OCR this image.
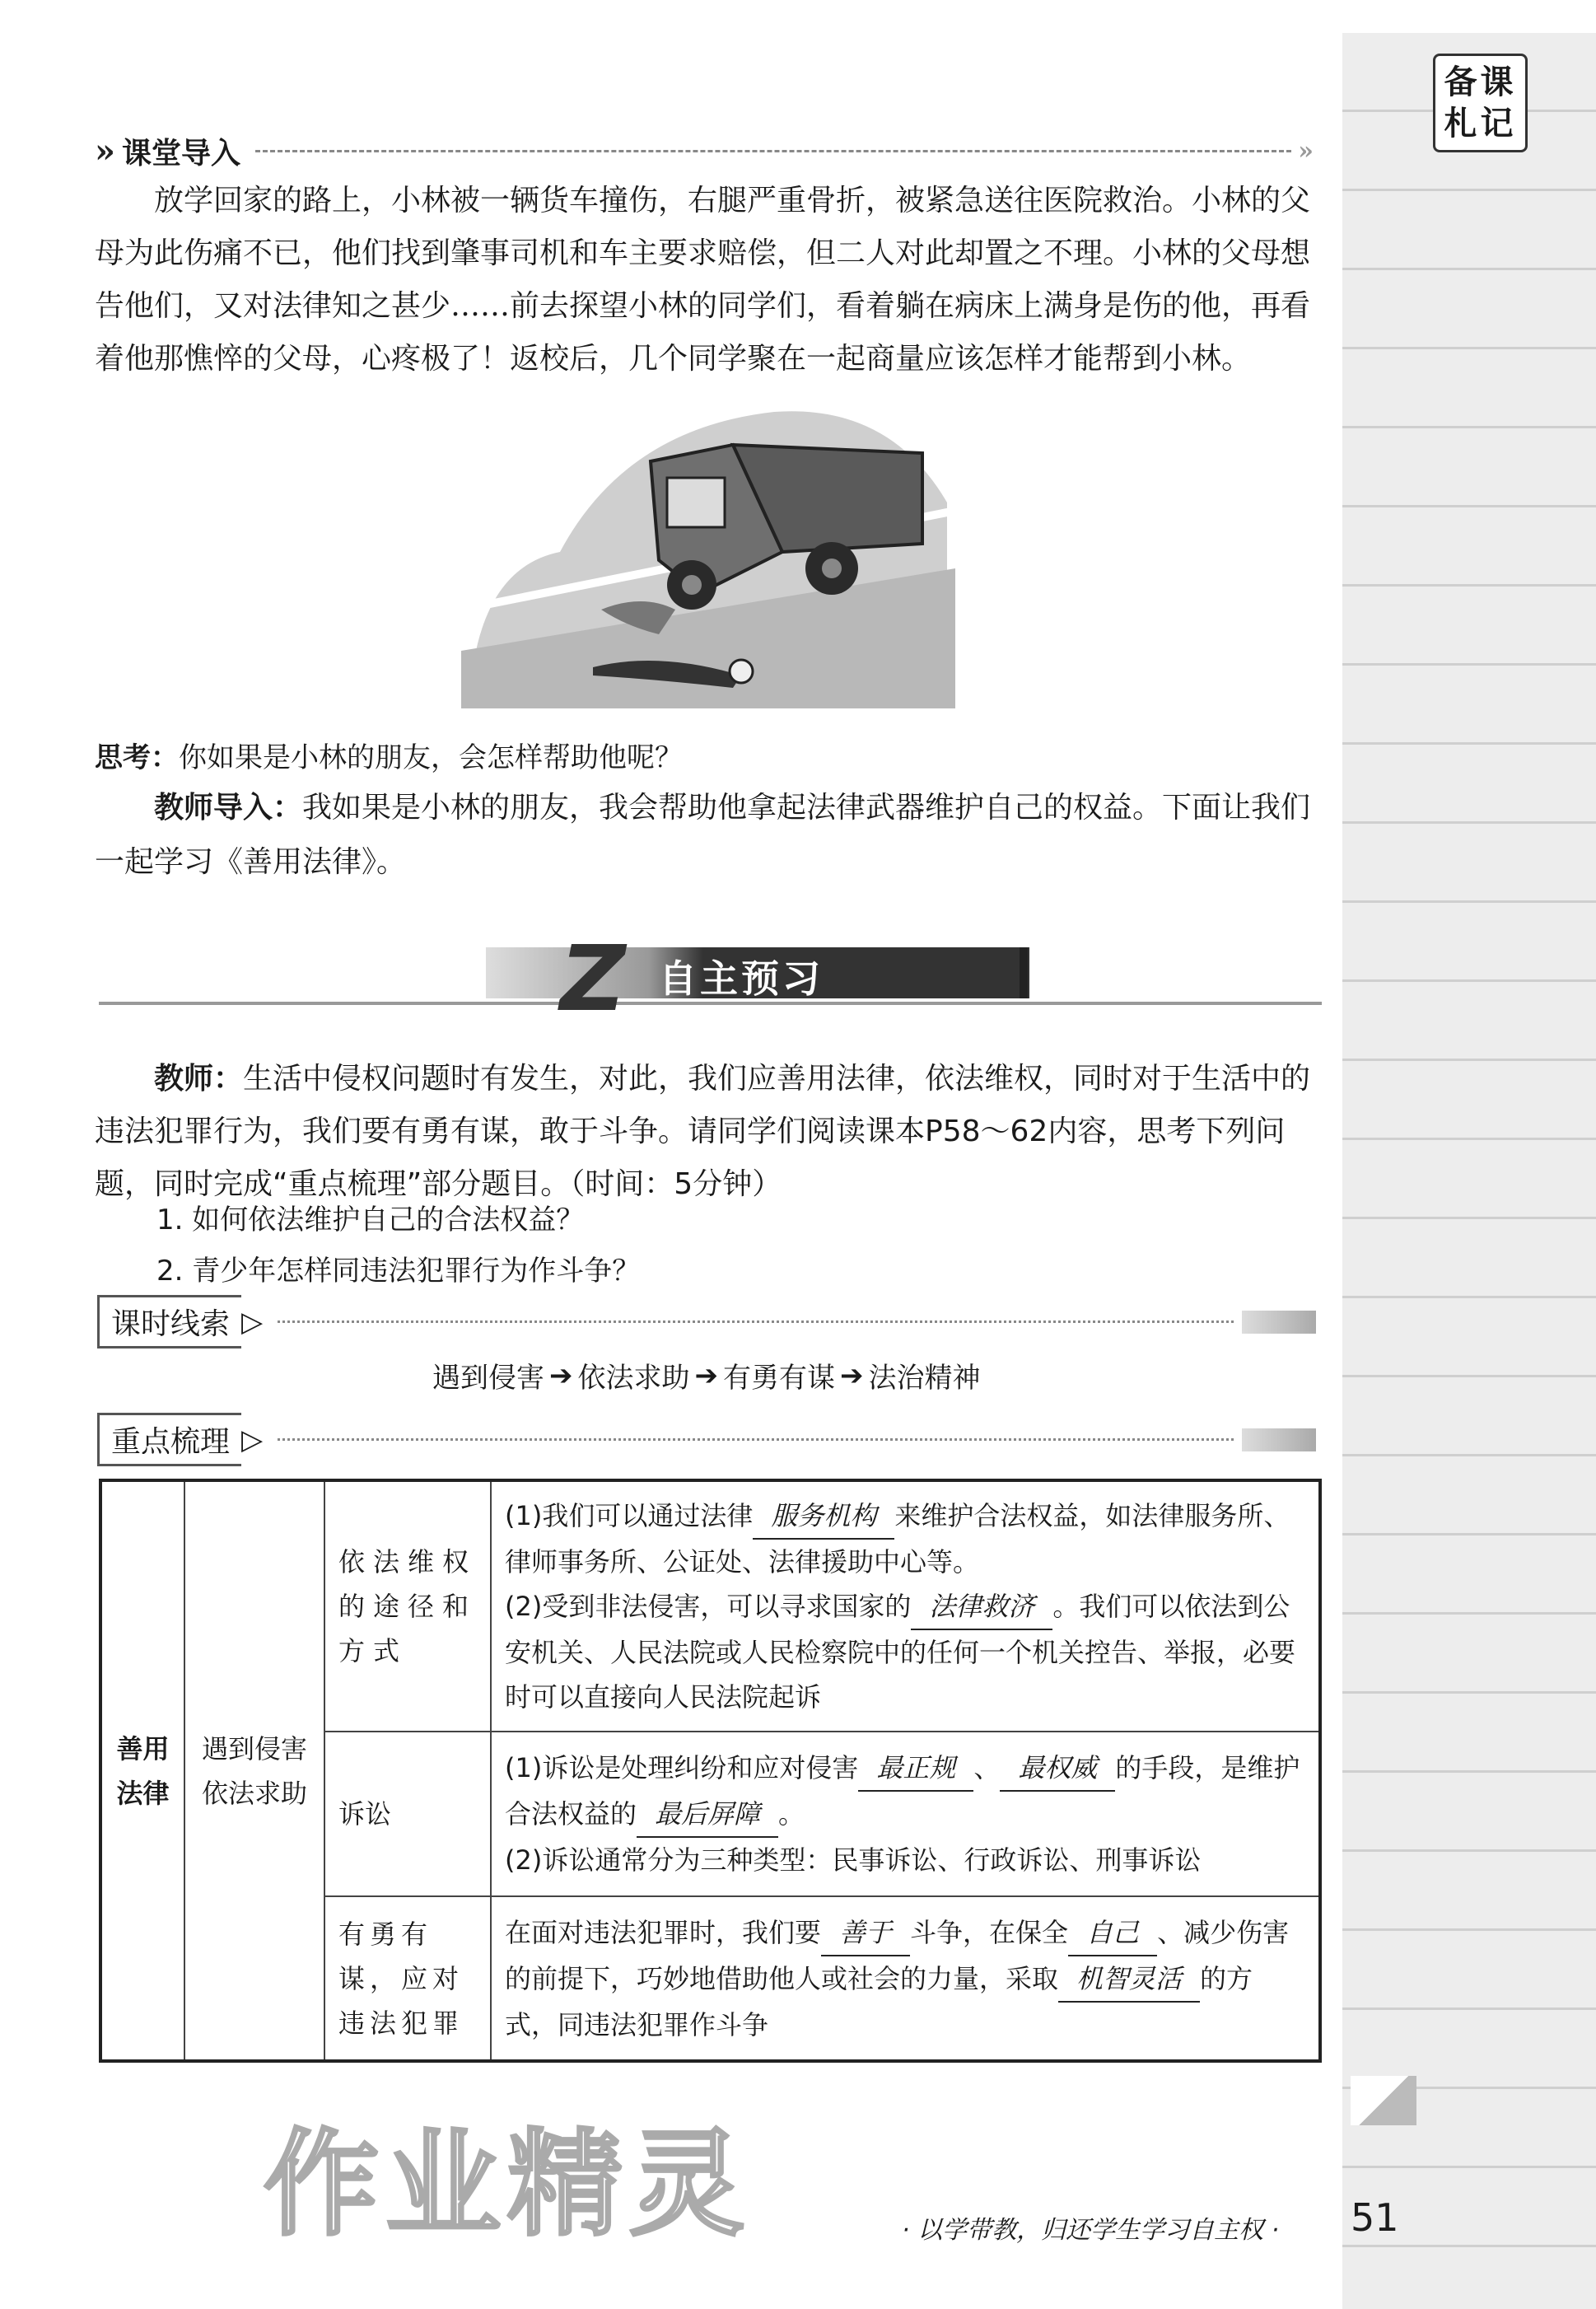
备课札记
» 课堂导入	»
放学回家的路上，小林被一辆货车撞伤，右腿严重骨折，被紧急送往医院救治。小林的父母为此伤痛不已，他们找到肇事司机和车主要求赔偿，但二人对此却置之不理。小林的父母想告他们，又对法律知之甚少……前去探望小林的同学们，看着躺在病床上满身是伤的他，再看着他那憔悴的父母，心疼极了！返校后，几个同学聚在一起商量应该怎样才能帮到小林。
思考：你如果是小林的朋友，会怎样帮助他呢？
教师导入：我如果是小林的朋友，我会帮助他拿起法律武器维护自己的权益。下面让我们一起学习《善用法律》。
Z 自主预习
教师：生活中侵权问题时有发生，对此，我们应善用法律，依法维权，同时对于生活中的违法犯罪行为，我们要有勇有谋，敢于斗争。请同学们阅读课本P58～62内容，思考下列问题，同时完成“重点梳理”部分题目。（时间：5分钟）
1. 如何依法维护自己的合法权益？
2. 青少年怎样同违法犯罪行为作斗争？
课时线索 ▷
遇到侵害 ➔ 依法求助 ➔ 有勇有谋 ➔ 法治精神
重点梳理 ▷
善用法律	遇到侵害依法求助	依法维权的途径和方式	(1)我们可以通过法律 服务机构 来维护合法权益，如法律服务所、律师事务所、公证处、法律援助中心等。
(2)受到非法侵害，可以寻求国家的 法律救济 。我们可以依法到公安机关、人民法院或人民检察院中的任何一个机关控告、举报，必要时可以直接向人民法院起诉

		诉讼	(1)诉讼是处理纠纷和应对侵害 最正规 、 最权威 的手段，是维护合法权益的 最后屏障 。
(2)诉讼通常分为三种类型：民事诉讼、行政诉讼、刑事诉讼

		有勇有谋，应对违法犯罪	在面对违法犯罪时，我们要 善于 斗争，在保全 自己 、减少伤害的前提下，巧妙地借助他人或社会的力量，采取 机智灵活 的方式，同违法犯罪作斗争
作业精灵	· 以学带教，归还学生学习自主权 · 51
